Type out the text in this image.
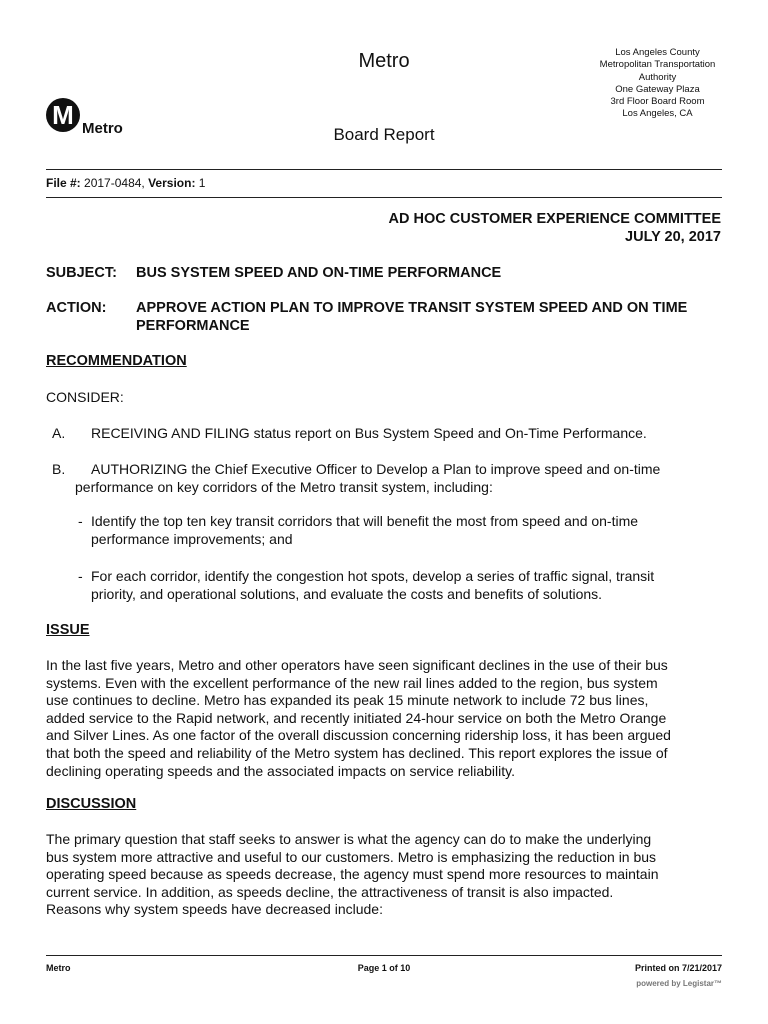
M Metro
Metro
Board Report
Los Angeles County
Metropolitan Transportation
Authority
One Gateway Plaza
3rd Floor Board Room
Los Angeles, CA
File #: 2017-0484, Version: 1
AD HOC CUSTOMER EXPERIENCE COMMITTEE
JULY 20, 2017
SUBJECT: BUS SYSTEM SPEED AND ON-TIME PERFORMANCE
ACTION: APPROVE ACTION PLAN TO IMPROVE TRANSIT SYSTEM SPEED AND ON TIME PERFORMANCE
RECOMMENDATION
CONSIDER:
A. RECEIVING AND FILING status report on Bus System Speed and On-Time Performance.
B. AUTHORIZING the Chief Executive Officer to Develop a Plan to improve speed and on-time
performance on key corridors of the Metro transit system, including:
- Identify the top ten key transit corridors that will benefit the most from speed and on-time
performance improvements; and
- For each corridor, identify the congestion hot spots, develop a series of traffic signal, transit
priority, and operational solutions, and evaluate the costs and benefits of solutions.
ISSUE
In the last five years, Metro and other operators have seen significant declines in the use of their bus
systems. Even with the excellent performance of the new rail lines added to the region, bus system
use continues to decline. Metro has expanded its peak 15 minute network to include 72 bus lines,
added service to the Rapid network, and recently initiated 24-hour service on both the Metro Orange
and Silver Lines. As one factor of the overall discussion concerning ridership loss, it has been argued
that both the speed and reliability of the Metro system has declined. This report explores the issue of
declining operating speeds and the associated impacts on service reliability.
DISCUSSION
The primary question that staff seeks to answer is what the agency can do to make the underlying
bus system more attractive and useful to our customers. Metro is emphasizing the reduction in bus
operating speed because as speeds decrease, the agency must spend more resources to maintain
current service. In addition, as speeds decline, the attractiveness of transit is also impacted.
Reasons why system speeds have decreased include:
Metro	Page 1 of 10	Printed on 7/21/2017
powered by Legistar™
